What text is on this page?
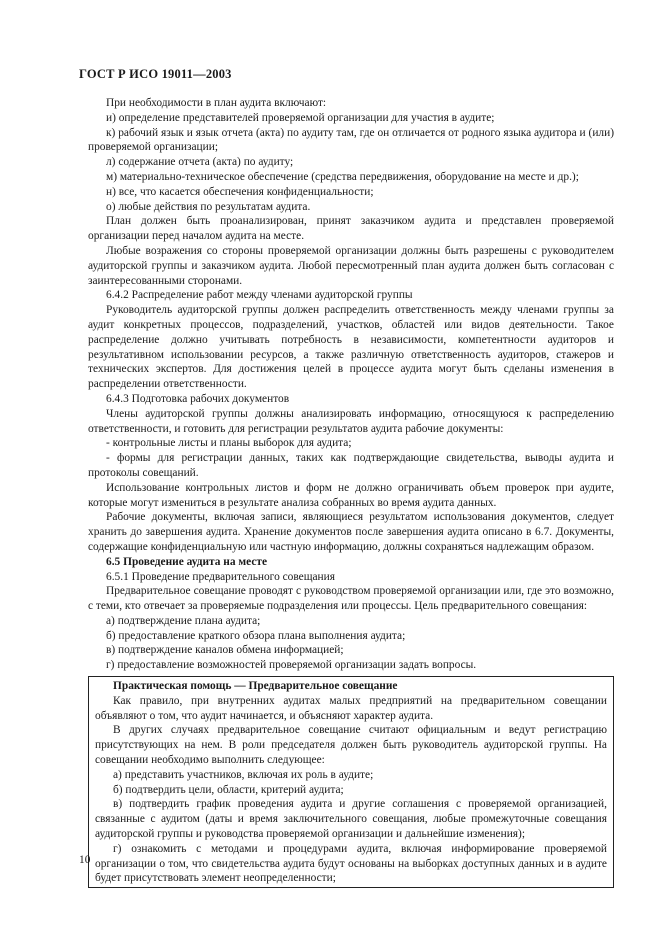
ГОСТ Р ИСО 19011—2003

При необходимости в план аудита включают:

и) определение представителей проверяемой организации для участия в аудите;

к) рабочий язык и язык отчета (акта) по аудиту там, где он отличается от родного языка аудитора и (или) проверяемой организации;

л) содержание отчета (акта) по аудиту;

м) материально-техническое обеспечение (средства передвижения, оборудование на месте и др.);

н) все, что касается обеспечения конфиденциальности;

о) любые действия по результатам аудита.

План должен быть проанализирован, принят заказчиком аудита и представлен проверяемой организации перед началом аудита на месте.

Любые возражения со стороны проверяемой организации должны быть разрешены с руководителем аудиторской группы и заказчиком аудита. Любой пересмотренный план аудита должен быть согласован с заинтересованными сторонами.

6.4.2 Распределение работ между членами аудиторской группы

Руководитель аудиторской группы должен распределить ответственность между членами группы за аудит конкретных процессов, подразделений, участков, областей или видов деятельности. Такое распределение должно учитывать потребность в независимости, компетентности аудиторов и результативном использовании ресурсов, а также различную ответственность аудиторов, стажеров и технических экспертов. Для достижения целей в процессе аудита могут быть сделаны изменения в распределении ответственности.

6.4.3 Подготовка рабочих документов

Члены аудиторской группы должны анализировать информацию, относящуюся к распределению ответственности, и готовить для регистрации результатов аудита рабочие документы:

- контрольные листы и планы выборок для аудита;

- формы для регистрации данных, таких как подтверждающие свидетельства, выводы аудита и протоколы совещаний.

Использование контрольных листов и форм не должно ограничивать объем проверок при аудите, которые могут измениться в результате анализа собранных во время аудита данных.

Рабочие документы, включая записи, являющиеся результатом использования документов, следует хранить до завершения аудита. Хранение документов после завершения аудита описано в 6.7. Документы, содержащие конфиденциальную или частную информацию, должны сохраняться надлежащим образом.

6.5 Проведение аудита на месте

6.5.1 Проведение предварительного совещания

Предварительное совещание проводят с руководством проверяемой организации или, где это возможно, с теми, кто отвечает за проверяемые подразделения или процессы. Цель предварительного совещания:

а) подтверждение плана аудита;

б) предоставление краткого обзора плана выполнения аудита;

в) подтверждение каналов обмена информацией;

г) предоставление возможностей проверяемой организации задать вопросы.

Практическая помощь — Предварительное совещание

Как правило, при внутренних аудитах малых предприятий на предварительном совещании объявляют о том, что аудит начинается, и объясняют характер аудита.

В других случаях предварительное совещание считают официальным и ведут регистрацию присутствующих на нем. В роли председателя должен быть руководитель аудиторской группы. На совещании необходимо выполнить следующее:

а) представить участников, включая их роль в аудите;

б) подтвердить цели, области, критерий аудита;

в) подтвердить график проведения аудита и другие соглашения с проверяемой организацией, связанные с аудитом (даты и время заключительного совещания, любые промежуточные совещания аудиторской группы и руководства проверяемой организации и дальнейшие изменения);

г) ознакомить с методами и процедурами аудита, включая информирование проверяемой организации о том, что свидетельства аудита будут основаны на выборках доступных данных и в аудите будет присутствовать элемент неопределенности;

10
